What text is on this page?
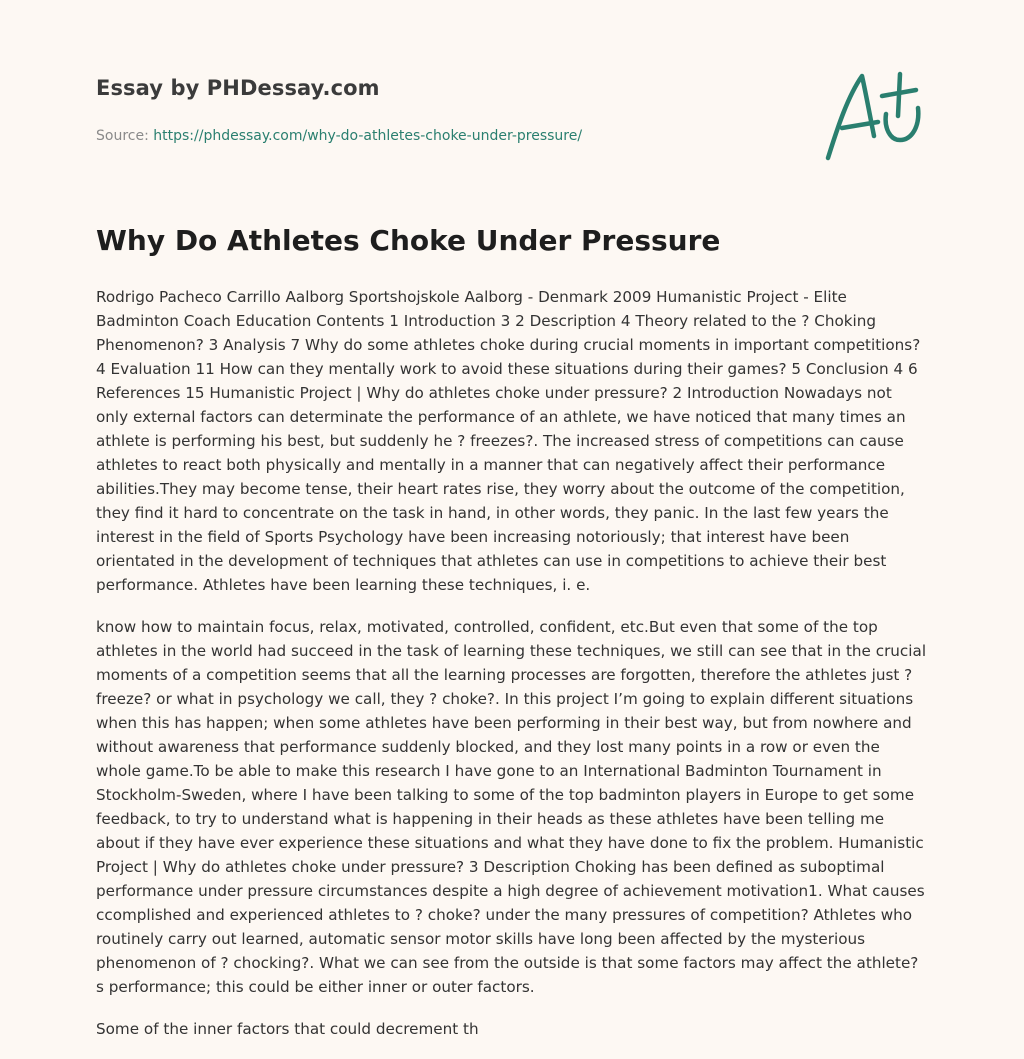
Essay by PHDessay.com
Source: https://phdessay.com/why-do-athletes-choke-under-pressure/
Why Do Athletes Choke Under Pressure

Rodrigo Pacheco Carrillo Aalborg Sportshojskole Aalborg - Denmark 2009 Humanistic Project - Elite Badminton Coach Education Contents 1 Introduction 3 2 Description 4 Theory related to the ? Choking Phenomenon? 3 Analysis 7 Why do some athletes choke during crucial moments in important competitions? 4 Evaluation 11 How can they mentally work to avoid these situations during their games? 5 Conclusion 4 6 References 15 Humanistic Project | Why do athletes choke under pressure? 2 Introduction Nowadays not only external factors can determinate the performance of an athlete, we have noticed that many times an athlete is performing his best, but suddenly he ? freezes?. The increased stress of competitions can cause athletes to react both physically and mentally in a manner that can negatively affect their performance abilities.They may become tense, their heart rates rise, they worry about the outcome of the competition, they find it hard to concentrate on the task in hand, in other words, they panic. In the last few years the interest in the field of Sports Psychology have been increasing notoriously; that interest have been orientated in the development of techniques that athletes can use in competitions to achieve their best performance. Athletes have been learning these techniques, i. e.

know how to maintain focus, relax, motivated, controlled, confident, etc.But even that some of the top athletes in the world had succeed in the task of learning these techniques, we still can see that in the crucial moments of a competition seems that all the learning processes are forgotten, therefore the athletes just ? freeze? or what in psychology we call, they ? choke?. In this project I’m going to explain different situations when this has happen; when some athletes have been performing in their best way, but from nowhere and without awareness that performance suddenly blocked, and they lost many points in a row or even the whole game.To be able to make this research I have gone to an International Badminton Tournament in Stockholm-Sweden, where I have been talking to some of the top badminton players in Europe to get some feedback, to try to understand what is happening in their heads as these athletes have been telling me about if they have ever experience these situations and what they have done to fix the problem. Humanistic Project | Why do athletes choke under pressure? 3 Description Choking has been defined as suboptimal performance under pressure circumstances despite a high degree of achievement motivation1. What causes ccomplished and experienced athletes to ? choke? under the many pressures of competition? Athletes who routinely carry out learned, automatic sensor motor skills have long been affected by the mysterious phenomenon of ? chocking?. What we can see from the outside is that some factors may affect the athlete? s performance; this could be either inner or outer factors.

Some of the inner factors that could decrement th
